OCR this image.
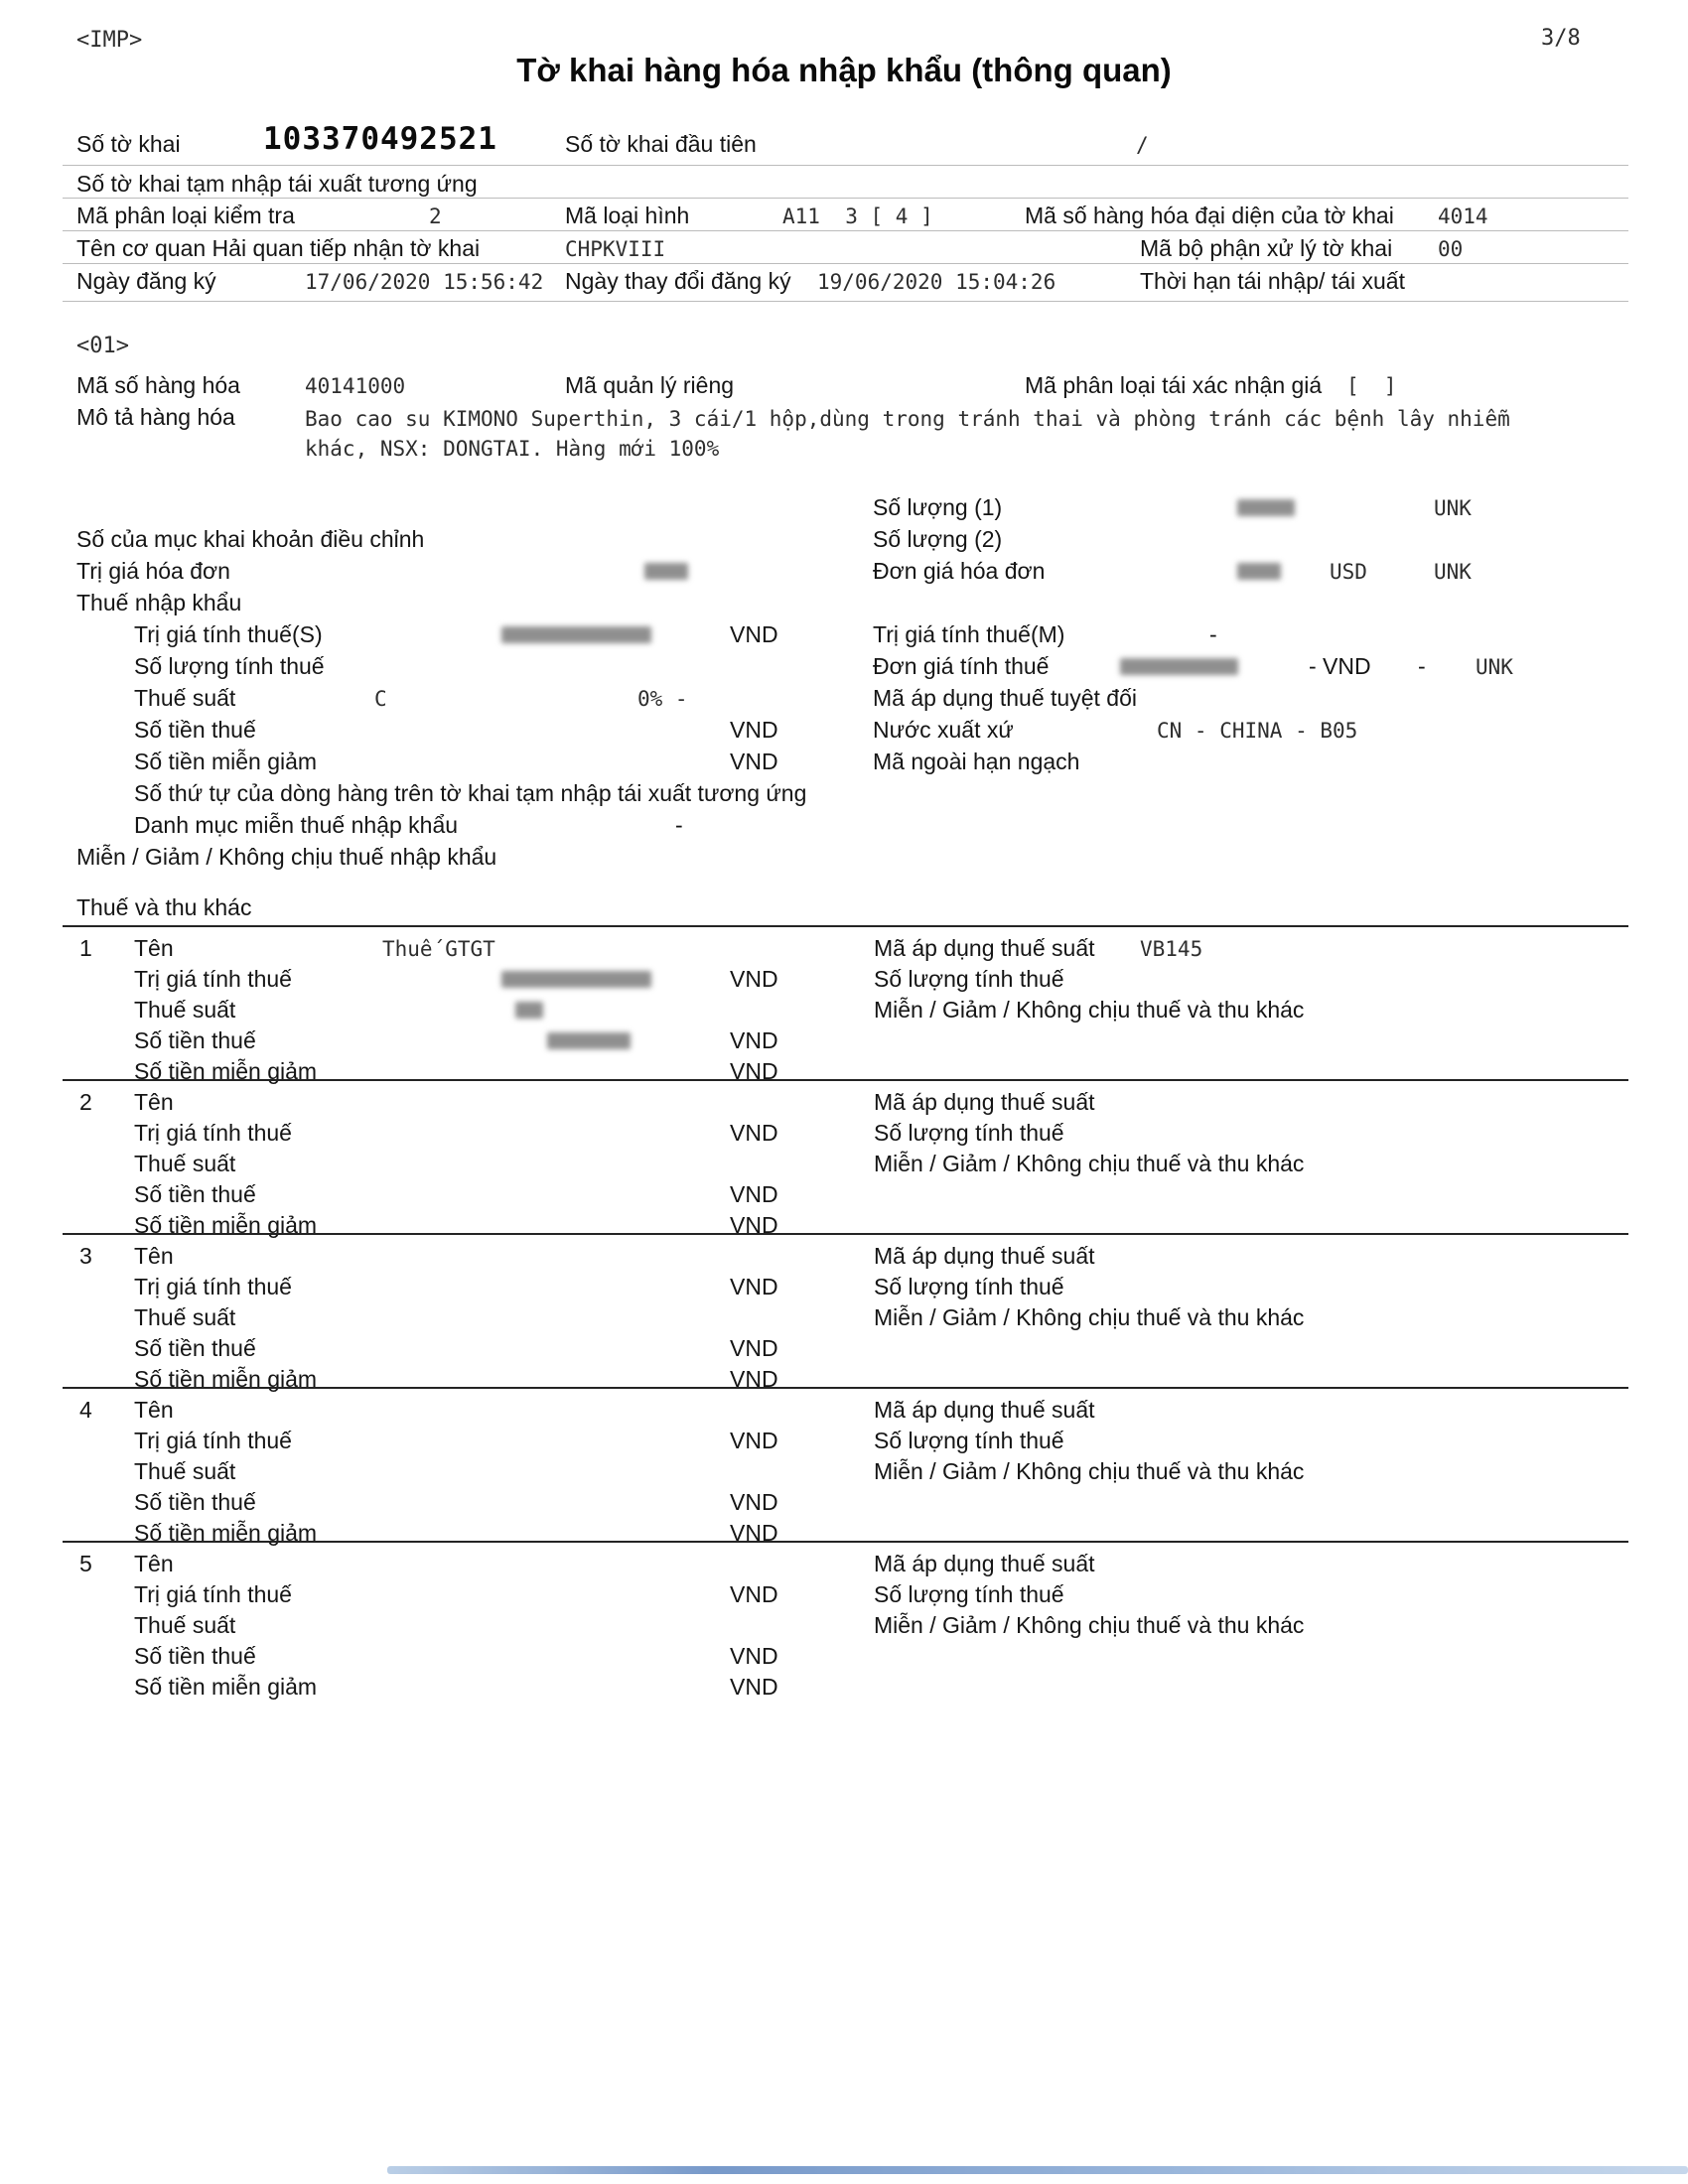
<IMP>	3/8
Tờ khai hàng hóa nhập khẩu (thông quan)
Số tờ khai	103370492521	Số tờ khai đầu tiên	/
Số tờ khai tạm nhập tái xuất tương ứng
Mã phân loại kiểm tra	2	Mã loại hình	A11  3 [ 4 ]	Mã số hàng hóa đại diện của tờ khai 4014
Tên cơ quan Hải quan tiếp nhận tờ khai	CHPKVIII	Mã bộ phận xử lý tờ khai 00
Ngày đăng ký	17/06/2020 15:56:42 Ngày thay đổi đăng ký 19/06/2020 15:04:26	Thời hạn tái nhập/ tái xuất
<01>
Mã số hàng hóa	40141000	Mã quản lý riêng	Mã phân loại tái xác nhận giá [  ]
Mô tả hàng hóa	Bao cao su KIMONO Superthin, 3 cái/1 hộp,dùng trong tránh thai và phòng tránh các bệnh lây nhiễm khác, NSX: DONGTAI. Hàng mới 100%
Số lượng (1)	UNK
Số của mục khai khoản điều chỉnh	Số lượng (2)
Trị giá hóa đơn	Đơn giá hóa đơn	USD	UNK
Thuế nhập khẩu
Trị giá tính thuế(S)	VND	Trị giá tính thuế(M)	-
Số lượng tính thuế	Đơn giá tính thuế	- VND - UNK
Thuế suất	C	0% -	Mã áp dụng thuế tuyệt đối
Số tiền thuế	VND	Nước xuất xứ	CN - CHINA - B05
Số tiền miễn giảm	VND	Mã ngoài hạn ngạch
Số thứ tự của dòng hàng trên tờ khai tạm nhập tái xuất tương ứng
Danh mục miễn thuế nhập khẩu	-
Miễn / Giảm / Không chịu thuế nhập khẩu
Thuế và thu khác
1 Tên	Thuế GTGT	Mã áp dụng thuế suất VB145
Trị giá tính thuế	VND	Số lượng tính thuế
Thuế suất	Miễn / Giảm / Không chịu thuế và thu khác
Số tiền thuế	VND
Số tiền miễn giảm	VND
2 Tên	Mã áp dụng thuế suất
Trị giá tính thuế	VND	Số lượng tính thuế
Thuế suất	Miễn / Giảm / Không chịu thuế và thu khác
Số tiền thuế	VND
Số tiền miễn giảm	VND
3 Tên	Mã áp dụng thuế suất
Trị giá tính thuế	VND	Số lượng tính thuế
Thuế suất	Miễn / Giảm / Không chịu thuế và thu khác
Số tiền thuế	VND
Số tiền miễn giảm	VND
4 Tên	Mã áp dụng thuế suất
Trị giá tính thuế	VND	Số lượng tính thuế
Thuế suất	Miễn / Giảm / Không chịu thuế và thu khác
Số tiền thuế	VND
Số tiền miễn giảm	VND
5 Tên	Mã áp dụng thuế suất
Trị giá tính thuế	VND	Số lượng tính thuế
Thuế suất	Miễn / Giảm / Không chịu thuế và thu khác
Số tiền thuế	VND
Số tiền miễn giảm	VND
